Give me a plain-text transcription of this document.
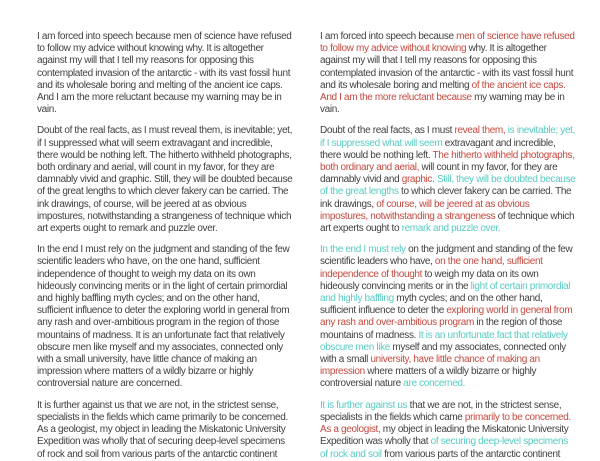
I am forced into speech because men of science have refused to follow my advice without knowing why. It is altogether against my will that I tell my reasons for opposing this contemplated invasion of the antarctic - with its vast fossil hunt and its wholesale boring and melting of the ancient ice caps. And I am the more reluctant because my warning may be in vain.

Doubt of the real facts, as I must reveal them, is inevitable; yet, if I suppressed what will seem extravagant and incredible, there would be nothing left. The hitherto withheld photographs, both ordinary and aerial, will count in my favor, for they are damnably vivid and graphic. Still, they will be doubted because of the great lengths to which clever fakery can be carried. The ink drawings, of course, will be jeered at as obvious impostures, notwithstanding a strangeness of technique which art experts ought to remark and puzzle over.

In the end I must rely on the judgment and standing of the few scientific leaders who have, on the one hand, sufficient independence of thought to weigh my data on its own hideously convincing merits or in the light of certain primordial and highly baffling myth cycles; and on the other hand, sufficient influence to deter the exploring world in general from any rash and over-ambitious program in the region of those mountains of madness. It is an unfortunate fact that relatively obscure men like myself and my associates, connected only with a small university, have little chance of making an impression where matters of a wildly bizarre or highly controversial nature are concerned.

It is further against us that we are not, in the strictest sense, specialists in the fields which came primarily to be concerned. As a geologist, my object in leading the Miskatonic University Expedition was wholly that of securing deep-level specimens of rock and soil from various parts of the antarctic continent

I am forced into speech because men of science have refused to follow my advice without knowing why. It is altogether against my will that I tell my reasons for opposing this contemplated invasion of the antarctic - with its vast fossil hunt and its wholesale boring and melting of the ancient ice caps. And I am the more reluctant because my warning may be in vain.

Doubt of the real facts, as I must reveal them, is inevitable; yet, if I suppressed what will seem extravagant and incredible, there would be nothing left. The hitherto withheld photographs, both ordinary and aerial, will count in my favor, for they are damnably vivid and graphic. Still, they will be doubted because of the great lengths to which clever fakery can be carried. The ink drawings, of course, will be jeered at as obvious impostures, notwithstanding a strangeness of technique which art experts ought to remark and puzzle over.

In the end I must rely on the judgment and standing of the few scientific leaders who have, on the one hand, sufficient independence of thought to weigh my data on its own hideously convincing merits or in the light of certain primordial and highly baffling myth cycles; and on the other hand, sufficient influence to deter the exploring world in general from any rash and over-ambitious program in the region of those mountains of madness. It is an unfortunate fact that relatively obscure men like myself and my associates, connected only with a small university, have little chance of making an impression where matters of a wildly bizarre or highly controversial nature are concerned.

It is further against us that we are not, in the strictest sense, specialists in the fields which came primarily to be concerned. As a geologist, my object in leading the Miskatonic University Expedition was wholly that of securing deep-level specimens of rock and soil from various parts of the antarctic continent
